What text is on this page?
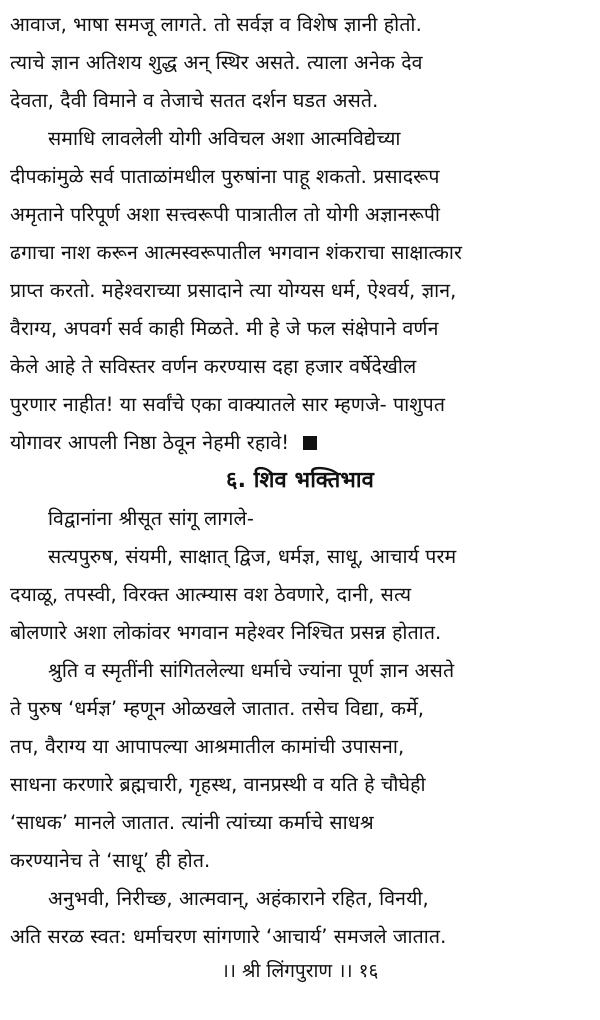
आवाज, भाषा समजू लागते. तो सर्वज्ञ व विशेष ज्ञानी होतो.
त्याचे ज्ञान अतिशय शुद्ध अन् स्थिर असते. त्याला अनेक देव
देवता, दैवी विमाने व तेजाचे सतत दर्शन घडत असते.
समाधि लावलेली योगी अविचल अशा आत्मविद्येच्या
दीपकांमुळे सर्व पाताळांमधील पुरुषांना पाहू शकतो. प्रसादरूप
अमृताने परिपूर्ण अशा सत्त्वरूपी पात्रातील तो योगी अज्ञानरूपी
ढगाचा नाश करून आत्मस्वरूपातील भगवान शंकराचा साक्षात्कार
प्राप्त करतो. महेश्वराच्या प्रसादाने त्या योग्यस धर्म, ऐश्वर्य, ज्ञान,
वैराग्य, अपवर्ग सर्व काही मिळते. मी हे जे फल संक्षेपाने वर्णन
केले आहे ते सविस्तर वर्णन करण्यास दहा हजार वर्षेदेखील
पुरणार नाहीत! या सर्वांचे एका वाक्यातले सार म्हणजे- पाशुपत
योगावर आपली निष्ठा ठेवून नेहमी रहावे!
६. शिव भक्तिभाव
विद्वानांना श्रीसूत सांगू लागले-
सत्यपुरुष, संयमी, साक्षात् द्विज, धर्मज्ञ, साधू, आचार्य परम
दयाळू, तपस्वी, विरक्त आत्म्यास वश ठेवणारे, दानी, सत्य
बोलणारे अशा लोकांवर भगवान महेश्वर निश्चित प्रसन्न होतात.
श्रुति व स्मृतींनी सांगितलेल्या धर्माचे ज्यांना पूर्ण ज्ञान असते
ते पुरुष ‘धर्मज्ञ’ म्हणून ओळखले जातात. तसेच विद्या, कर्मे,
तप, वैराग्य या आपापल्या आश्रमातील कामांची उपासना,
साधना करणारे ब्रह्मचारी, गृहस्थ, वानप्रस्थी व यति हे चौघेही
‘साधक’ मानले जातात. त्यांनी त्यांच्या कर्माचे साधश्र
करण्यानेच ते ‘साधू’ ही होत.
अनुभवी, निरीच्छ, आत्मवान्, अहंकाराने रहित, विनयी,
अति सरळ स्वत: धर्माचरण सांगणारे ‘आचार्य’ समजले जातात.
।। श्री लिंगपुराण ।। १६
